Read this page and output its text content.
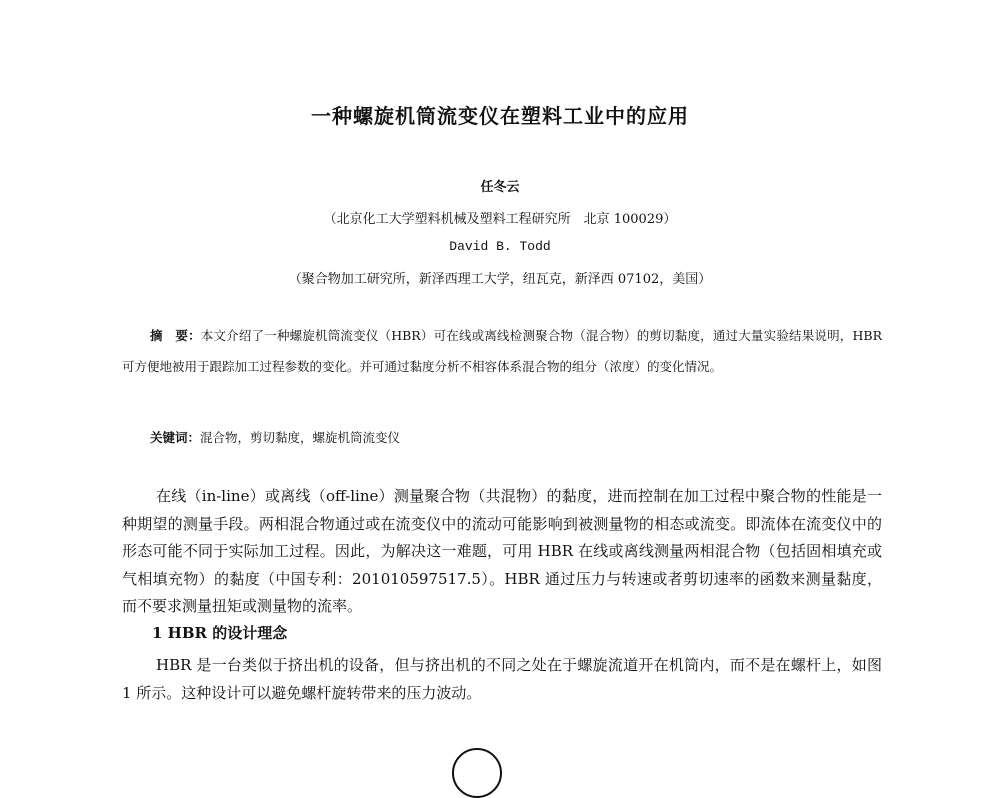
一种螺旋机筒流变仪在塑料工业中的应用
任冬云
（北京化工大学塑料机械及塑料工程研究所　北京 100029）
David B. Todd
（聚合物加工研究所，新泽西理工大学，纽瓦克，新泽西 07102，美国）
摘　要：本文介绍了一种螺旋机筒流变仪（HBR）可在线或离线检测聚合物（混合物）的剪切黏度，通过大量实验结果说明，HBR 可方便地被用于跟踪加工过程参数的变化。并可通过黏度分析不相容体系混合物的组分（浓度）的变化情况。
关键词：混合物，剪切黏度，螺旋机筒流变仪
在线（in-line）或离线（off-line）测量聚合物（共混物）的黏度，进而控制在加工过程中聚合物的性能是一种期望的测量手段。两相混合物通过或在流变仪中的流动可能影响到被测量物的相态或流变。即流体在流变仪中的形态可能不同于实际加工过程。因此，为解决这一难题，可用 HBR 在线或离线测量两相混合物（包括固相填充或气相填充物）的黏度（中国专利：201010597517.5）。HBR 通过压力与转速或者剪切速率的函数来测量黏度，而不要求测量扭矩或测量物的流率。
1 HBR 的设计理念
HBR 是一台类似于挤出机的设备，但与挤出机的不同之处在于螺旋流道开在机筒内，而不是在螺杆上，如图 1 所示。这种设计可以避免螺杆旋转带来的压力波动。
